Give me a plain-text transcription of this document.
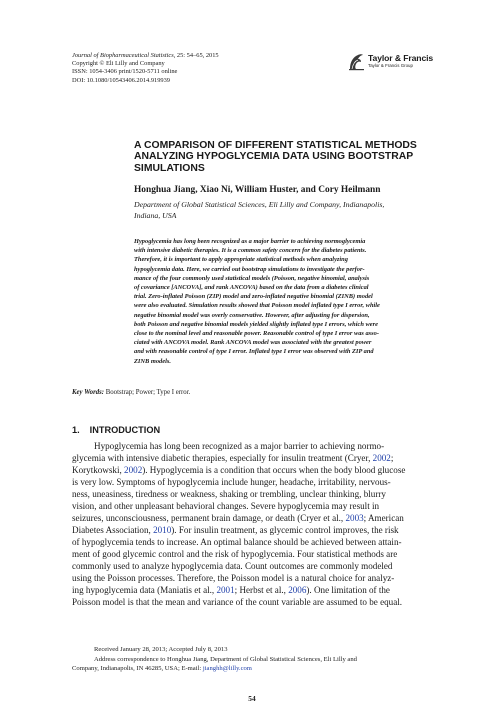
Journal of Biopharmaceutical Statistics, 25: 54–65, 2015
Copyright © Eli Lilly and Company
ISSN: 1054-3406 print/1520-5711 online
DOI: 10.1080/10543406.2014.919939
Taylor & Francis
Taylor & Francis Group
A COMPARISON OF DIFFERENT STATISTICAL METHODS
ANALYZING HYPOGLYCEMIA DATA USING BOOTSTRAP
SIMULATIONS
Honghua Jiang, Xiao Ni, William Huster, and Cory Heilmann
Department of Global Statistical Sciences, Eli Lilly and Company, Indianapolis,
Indiana, USA
Hypoglycemia has long been recognized as a major barrier to achieving normoglycemia
with intensive diabetic therapies. It is a common safety concern for the diabetes patients.
Therefore, it is important to apply appropriate statistical methods when analyzing
hypoglycemia data. Here, we carried out bootstrap simulations to investigate the perfor-
mance of the four commonly used statistical models (Poisson, negative binomial, analysis
of covariance [ANCOVA], and rank ANCOVA) based on the data from a diabetes clinical
trial. Zero-inflated Poisson (ZIP) model and zero-inflated negative binomial (ZINB) model
were also evaluated. Simulation results showed that Poisson model inflated type I error, while
negative binomial model was overly conservative. However, after adjusting for dispersion,
both Poisson and negative binomial models yielded slightly inflated type I errors, which were
close to the nominal level and reasonable power. Reasonable control of type I error was asso-
ciated with ANCOVA model. Rank ANCOVA model was associated with the greatest power
and with reasonable control of type I error. Inflated type I error was observed with ZIP and
ZINB models.
Key Words: Bootstrap; Power; Type I error.
1. INTRODUCTION
Hypoglycemia has long been recognized as a major barrier to achieving normo-
glycemia with intensive diabetic therapies, especially for insulin treatment (Cryer, 2002;
Korytkowski, 2002). Hypoglycemia is a condition that occurs when the body blood glucose
is very low. Symptoms of hypoglycemia include hunger, headache, irritability, nervous-
ness, uneasiness, tiredness or weakness, shaking or trembling, unclear thinking, blurry
vision, and other unpleasant behavioral changes. Severe hypoglycemia may result in
seizures, unconsciousness, permanent brain damage, or death (Cryer et al., 2003; American
Diabetes Association, 2010). For insulin treatment, as glycemic control improves, the risk
of hypoglycemia tends to increase. An optimal balance should be achieved between attain-
ment of good glycemic control and the risk of hypoglycemia. Four statistical methods are
commonly used to analyze hypoglycemia data. Count outcomes are commonly modeled
using the Poisson processes. Therefore, the Poisson model is a natural choice for analyz-
ing hypoglycemia data (Maniatis et al., 2001; Herbst et al., 2006). One limitation of the
Poisson model is that the mean and variance of the count variable are assumed to be equal.
Received January 28, 2013; Accepted July 8, 2013
Address correspondence to Honghua Jiang, Department of Global Statistical Sciences, Eli Lilly and
Company, Indianapolis, IN 46285, USA; E-mail: jianghh@lilly.com
54
